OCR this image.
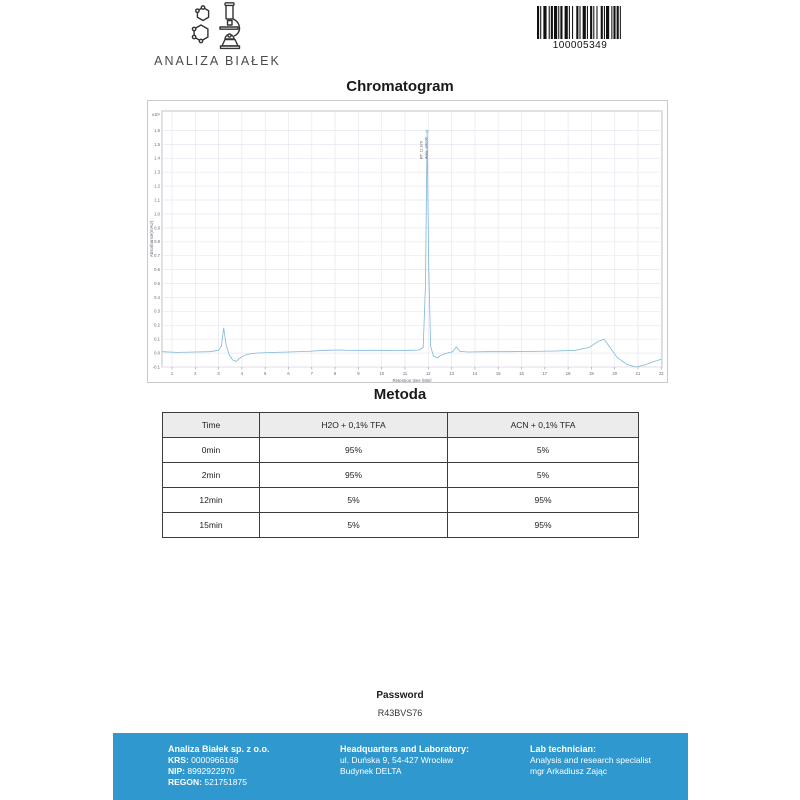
ANALIZA BIAŁEK
100005349
Chromatogram
-0.1
0.0
0.1
0.2
0.3
0.4
0.5
0.6
0.7
0.8
0.9
1.0
1.1
1.2
1.3
1.4
1.5
1.6
x10¹
1	2	3	4	5	6	7	8	9	10	11	12	13	14	15	16	17	18	19	20	21	22
Retention time [Min]
Absorbance(mAU)
RT: 11.970 Area: 100.00
Metoda
Time	H2O + 0,1% TFA	ACN + 0,1% TFA
0min	95%	5%
2min	95%	5%
12min	5%	95%
15min	5%	95%
Password
R43BVS76
Analiza Białek sp. z o.o.
KRS: 0000966168
NIP: 8992922970
REGON: 521751875
Headquarters and Laboratory:
ul. Duńska 9, 54-427 Wrocław
Budynek DELTA
Lab technician:
Analysis and research specialist
mgr Arkadiusz Zając
